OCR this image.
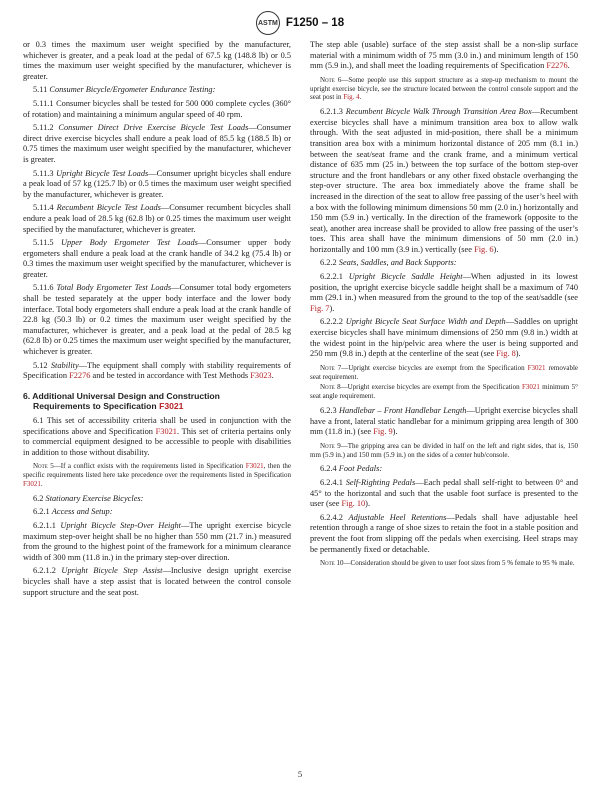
ASTM F1250 – 18

or 0.3 times the maximum user weight specified by the manufacturer, whichever is greater, and a peak load at the pedal of 67.5 kg (148.8 lb) or 0.5 times the maximum user weight specified by the manufacturer, whichever is greater.

5.11 Consumer Bicycle/Ergometer Endurance Testing:

5.11.1 Consumer bicycles shall be tested for 500 000 complete cycles (360° of rotation) and maintaining a minimum angular speed of 40 rpm.

5.11.2 Consumer Direct Drive Exercise Bicycle Test Loads—Consumer direct drive exercise bicycles shall endure a peak load of 85.5 kg (188.5 lb) or 0.75 times the maximum user weight specified by the manufacturer, whichever is greater.

5.11.3 Upright Bicycle Test Loads—Consumer upright bicycles shall endure a peak load of 57 kg (125.7 lb) or 0.5 times the maximum user weight specified by the manufacturer, whichever is greater.

5.11.4 Recumbent Bicycle Test Loads—Consumer recumbent bicycles shall endure a peak load of 28.5 kg (62.8 lb) or 0.25 times the maximum user weight specified by the manufacturer, whichever is greater.

5.11.5 Upper Body Ergometer Test Loads—Consumer upper body ergometers shall endure a peak load at the crank handle of 34.2 kg (75.4 lb) or 0.3 times the maximum user weight specified by the manufacturer, whichever is greater.

5.11.6 Total Body Ergometer Test Loads—Consumer total body ergometers shall be tested separately at the upper body interface and the lower body interface. Total body ergometers shall endure a peak load at the crank handle of 22.8 kg (50.3 lb) or 0.2 times the maximum user weight specified by the manufacturer, whichever is greater, and a peak load at the pedal of 28.5 kg (62.8 lb) or 0.25 times the maximum user weight specified by the manufacturer, whichever is greater.

5.12 Stability—The equipment shall comply with stability requirements of Specification F2276 and be tested in accordance with Test Methods F3023.

6. Additional Universal Design and Construction
Requirements to Specification F3021

6.1 This set of accessibility criteria shall be used in conjunction with the specifications above and Specification F3021. This set of criteria pertains only to commercial equipment designed to be accessible to people with disabilities in addition to those without disability.

Note 5—If a conflict exists with the requirements listed in Specification F3021, then the specific requirements listed here take precedence over the requirements listed in Specification F3021.

6.2 Stationary Exercise Bicycles:

6.2.1 Access and Setup:

6.2.1.1 Upright Bicycle Step-Over Height—The upright exercise bicycle maximum step-over height shall be no higher than 550 mm (21.7 in.) measured from the ground to the highest point of the framework for a minimum clearance width of 300 mm (11.8 in.) in the primary step-over direction.

6.2.1.2 Upright Bicycle Step Assist—Inclusive design upright exercise bicycles shall have a step assist that is located between the control console support structure and the seat post.

The step able (usable) surface of the step assist shall be a non-slip surface material with a minimum width of 75 mm (3.0 in.) and minimum length of 150 mm (5.9 in.), and shall meet the loading requirements of Specification F2276.

Note 6—Some people use this support structure as a step-up mechanism to mount the upright exercise bicycle, see the structure located between the control console support and the seat post in Fig. 4.

6.2.1.3 Recumbent Bicycle Walk Through Transition Area Box—Recumbent exercise bicycles shall have a minimum transition area box to allow walk through. With the seat adjusted in mid-position, there shall be a minimum transition area box with a minimum horizontal distance of 205 mm (8.1 in.) between the seat/seat frame and the crank frame, and a minimum vertical distance of 635 mm (25 in.) between the top surface of the bottom step-over structure and the front handlebars or any other fixed obstacle overhanging the step-over structure. The area box immediately above the frame shall be increased in the direction of the seat to allow free passing of the user’s heel with a box with the following minimum dimensions 50 mm (2.0 in.) horizontally and 150 mm (5.9 in.) vertically. In the direction of the framework (opposite to the seat), another area increase shall be provided to allow free passing of the user’s toes. This area shall have the minimum dimensions of 50 mm (2.0 in.) horizontally and 100 mm (3.9 in.) vertically (see Fig. 6).

6.2.2 Seats, Saddles, and Back Supports:

6.2.2.1 Upright Bicycle Saddle Height—When adjusted in its lowest position, the upright exercise bicycle saddle height shall be a maximum of 740 mm (29.1 in.) when measured from the ground to the top of the seat/saddle (see Fig. 7).

6.2.2.2 Upright Bicycle Seat Surface Width and Depth—Saddles on upright exercise bicycles shall have minimum dimensions of 250 mm (9.8 in.) width at the widest point in the hip/pelvic area where the user is being supported and 250 mm (9.8 in.) depth at the centerline of the seat (see Fig. 8).

Note 7—Upright exercise bicycles are exempt from the Specification F3021 removable seat requirement.

Note 8—Upright exercise bicycles are exempt from the Specification F3021 minimum 5° seat angle requirement.

6.2.3 Handlebar – Front Handlebar Length—Upright exercise bicycles shall have a front, lateral static handlebar for a minimum gripping area length of 300 mm (11.8 in.) (see Fig. 9).

Note 9—The gripping area can be divided in half on the left and right sides, that is, 150 mm (5.9 in.) and 150 mm (5.9 in.) on the sides of a center hub/console.

6.2.4 Foot Pedals:

6.2.4.1 Self-Righting Pedals—Each pedal shall self-right to between 0° and 45° to the horizontal and such that the usable foot surface is presented to the user (see Fig. 10).

6.2.4.2 Adjustable Heel Retentions—Pedals shall have adjustable heel retention through a range of shoe sizes to retain the foot in a stable position and prevent the foot from slipping off the pedals when exercising. Heel straps may be permanently fixed or detachable.

Note 10—Consideration should be given to user foot sizes from 5 % female to 95 % male.

5
